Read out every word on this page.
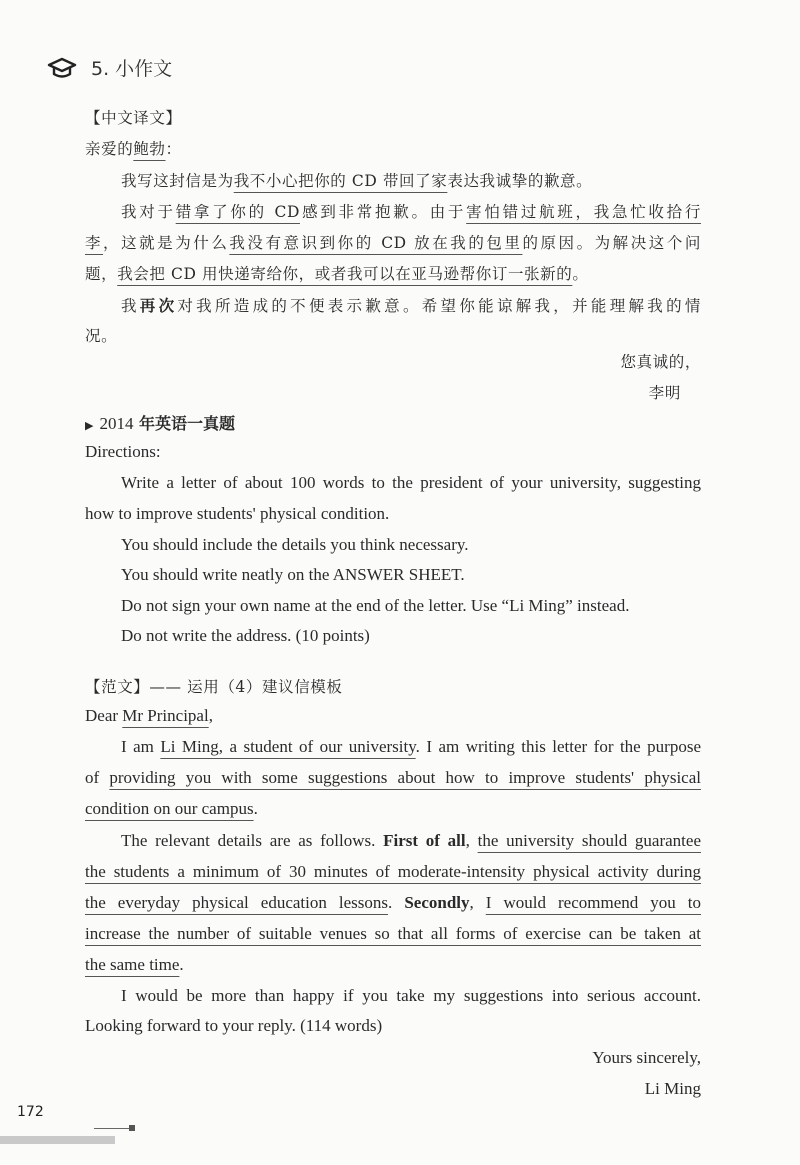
5. 小作文
【中文译文】
亲爱的鲍勃：
我写这封信是为我不小心把你的 CD 带回了家表达我诚挚的歉意。
我对于错拿了你的 CD感到非常抱歉。由于害怕错过航班，我急忙收拾行
李，这就是为什么我没有意识到你的 CD 放在我的包里的原因。为解决这个问
题，我会把 CD 用快递寄给你，或者我可以在亚马逊帮你订一张新的。
我再次对我所造成的不便表示歉意。希望你能谅解我，并能理解我的情
况。
您真诚的，
李明
▶ 2014 年英语一真题
Directions:
Write a letter of about 100 words to the president of your university, suggesting
how to improve students' physical condition.
You should include the details you think necessary.
You should write neatly on the ANSWER SHEET.
Do not sign your own name at the end of the letter. Use “Li Ming” instead.
Do not write the address. (10 points)
【范文】—— 运用（4）建议信模板
Dear Mr Principal,
I am Li Ming, a student of our university. I am writing this letter for the purpose
of providing you with some suggestions about how to improve students' physical
condition on our campus.
The relevant details are as follows. First of all, the university should guarantee
the students a minimum of 30 minutes of moderate-intensity physical activity during
the everyday physical education lessons. Secondly, I would recommend you to
increase the number of suitable venues so that all forms of exercise can be taken at
the same time.
I would be more than happy if you take my suggestions into serious account.
Looking forward to your reply. (114 words)
Yours sincerely,
Li Ming
172
